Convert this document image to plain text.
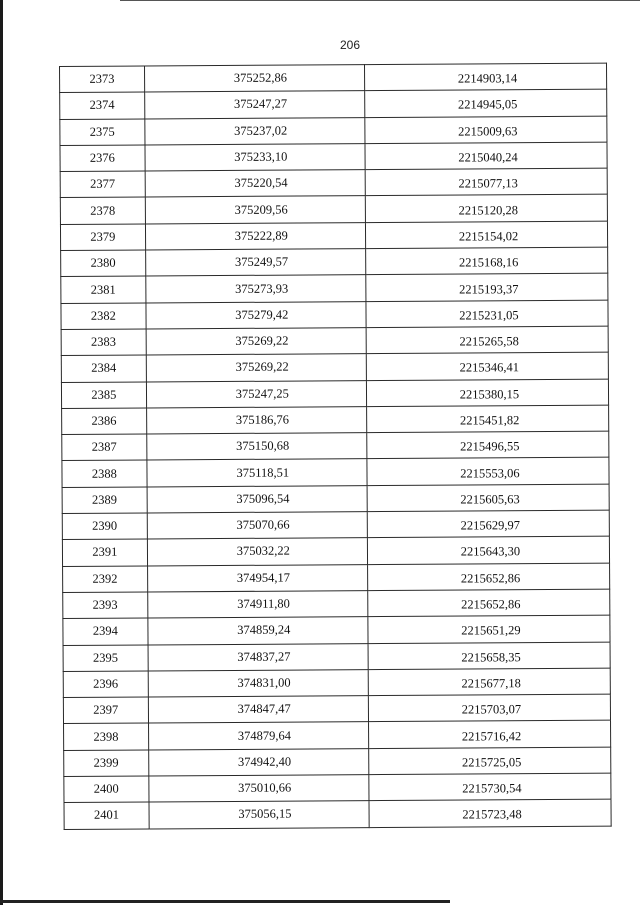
206
2373	375252,86	2214903,14
2374	375247,27	2214945,05
2375	375237,02	2215009,63
2376	375233,10	2215040,24
2377	375220,54	2215077,13
2378	375209,56	2215120,28
2379	375222,89	2215154,02
2380	375249,57	2215168,16
2381	375273,93	2215193,37
2382	375279,42	2215231,05
2383	375269,22	2215265,58
2384	375269,22	2215346,41
2385	375247,25	2215380,15
2386	375186,76	2215451,82
2387	375150,68	2215496,55
2388	375118,51	2215553,06
2389	375096,54	2215605,63
2390	375070,66	2215629,97
2391	375032,22	2215643,30
2392	374954,17	2215652,86
2393	374911,80	2215652,86
2394	374859,24	2215651,29
2395	374837,27	2215658,35
2396	374831,00	2215677,18
2397	374847,47	2215703,07
2398	374879,64	2215716,42
2399	374942,40	2215725,05
2400	375010,66	2215730,54
2401	375056,15	2215723,48
